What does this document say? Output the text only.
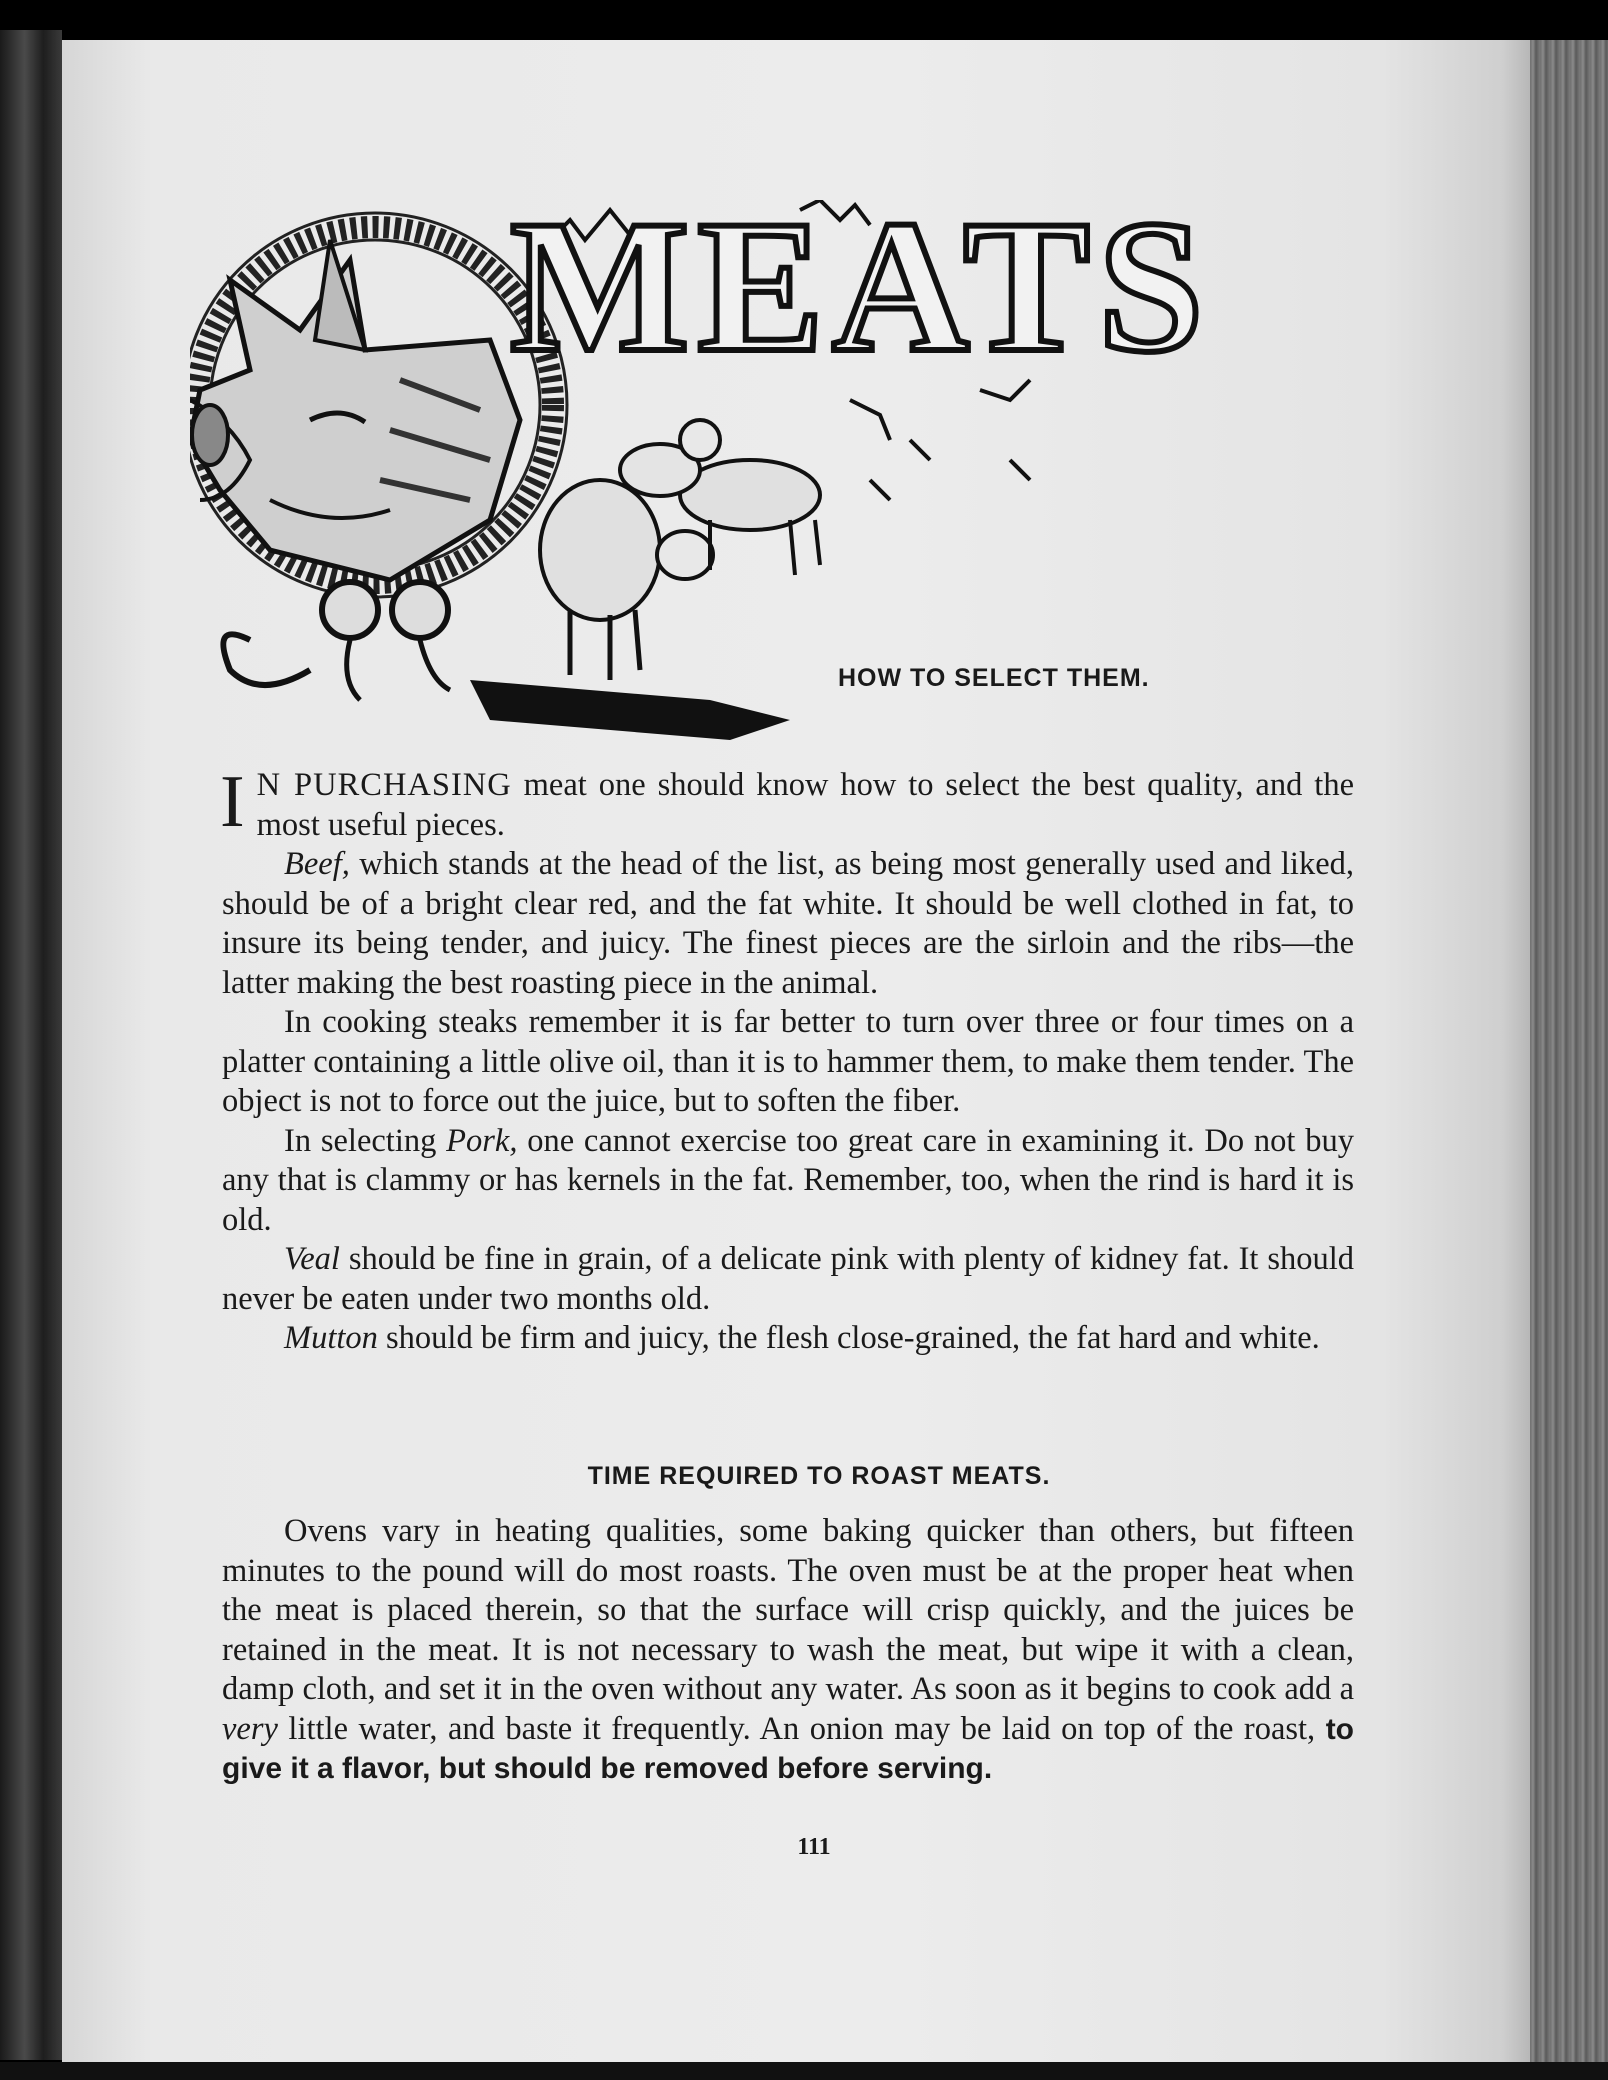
MEATS
HOW TO SELECT THEM.

I N PURCHASING meat one should know how to select the best quality, and the most useful pieces.

Beef, which stands at the head of the list, as being most generally used and liked, should be of a bright clear red, and the fat white. It should be well clothed in fat, to insure its being tender, and juicy. The finest pieces are the sirloin and the ribs—the latter making the best roasting piece in the animal.

In cooking steaks remember it is far better to turn over three or four times on a platter containing a little olive oil, than it is to hammer them, to make them tender. The object is not to force out the juice, but to soften the fiber.

In selecting Pork, one cannot exercise too great care in examining it. Do not buy any that is clammy or has kernels in the fat. Remember, too, when the rind is hard it is old.

Veal should be fine in grain, of a delicate pink with plenty of kidney fat. It should never be eaten under two months old.

Mutton should be firm and juicy, the flesh close-grained, the fat hard and white.

TIME REQUIRED TO ROAST MEATS.

Ovens vary in heating qualities, some baking quicker than others, but fifteen minutes to the pound will do most roasts. The oven must be at the proper heat when the meat is placed therein, so that the surface will crisp quickly, and the juices be retained in the meat. It is not necessary to wash the meat, but wipe it with a clean, damp cloth, and set it in the oven without any water. As soon as it begins to cook add a very little water, and baste it frequently. An onion may be laid on top of the roast, to give it a flavor, but should be removed before serving.

111
